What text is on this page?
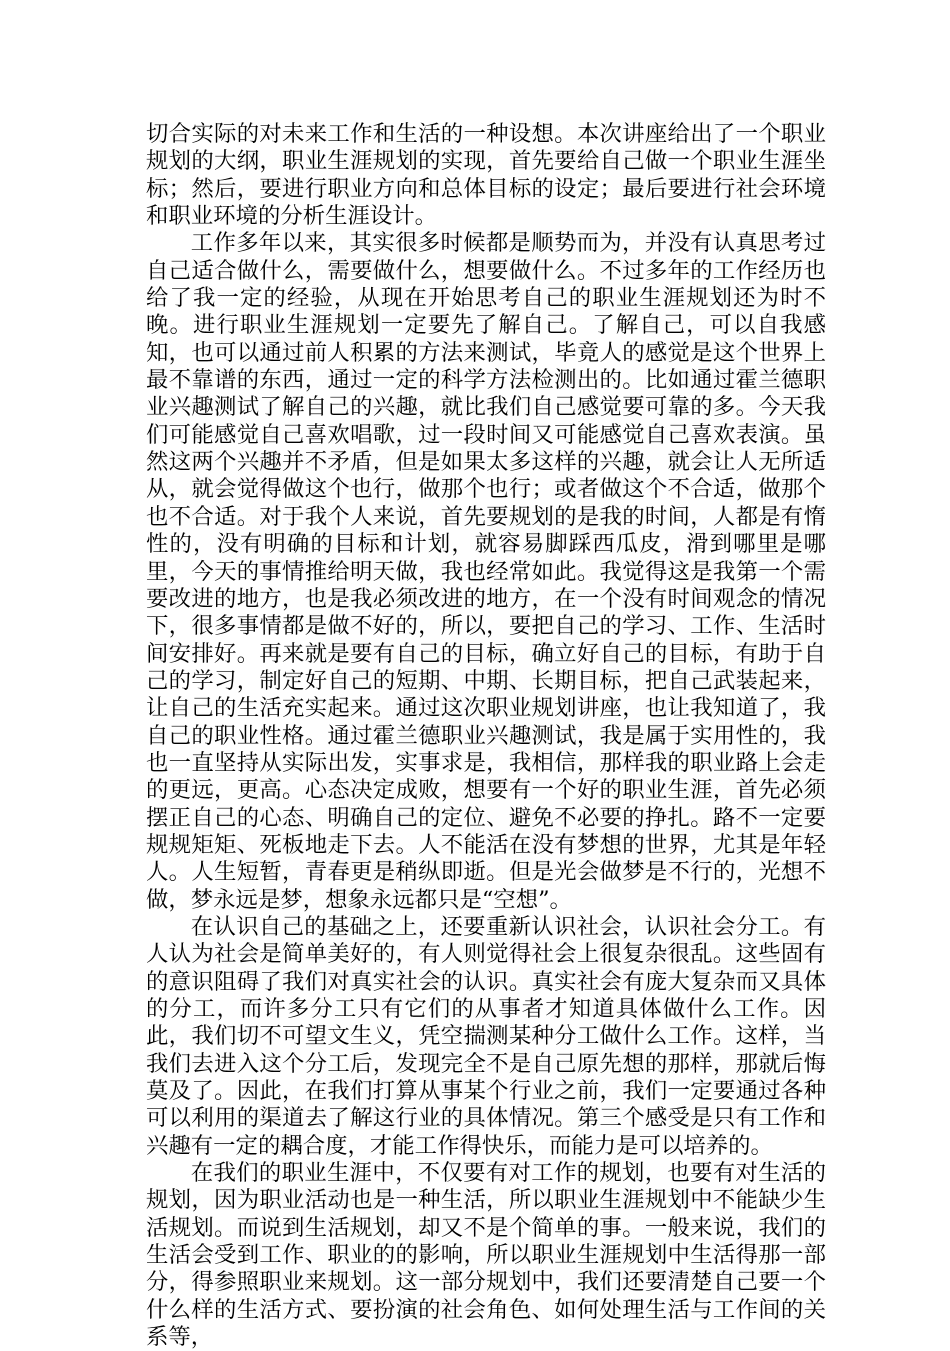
切合实际的对未来工作和生活的一种设想。本次讲座给出了一个职业规划的大纲，职业生涯规划的实现，首先要给自己做一个职业生涯坐标；然后，要进行职业方向和总体目标的设定；最后要进行社会环境和职业环境的分析生涯设计。

工作多年以来，其实很多时候都是顺势而为，并没有认真思考过自己适合做什么，需要做什么，想要做什么。不过多年的工作经历也给了我一定的经验，从现在开始思考自己的职业生涯规划还为时不晚。进行职业生涯规划一定要先了解自己。了解自己，可以自我感知，也可以通过前人积累的方法来测试，毕竟人的感觉是这个世界上最不靠谱的东西，通过一定的科学方法检测出的。比如通过霍兰德职业兴趣测试了解自己的兴趣，就比我们自己感觉要可靠的多。今天我们可能感觉自己喜欢唱歌，过一段时间又可能感觉自己喜欢表演。虽然这两个兴趣并不矛盾，但是如果太多这样的兴趣，就会让人无所适从，就会觉得做这个也行，做那个也行；或者做这个不合适，做那个也不合适。对于我个人来说，首先要规划的是我的时间，人都是有惰性的，没有明确的目标和计划，就容易脚踩西瓜皮，滑到哪里是哪里，今天的事情推给明天做，我也经常如此。我觉得这是我第一个需要改进的地方，也是我必须改进的地方，在一个没有时间观念的情况下，很多事情都是做不好的，所以，要把自己的学习、工作、生活时间安排好。再来就是要有自己的目标，确立好自己的目标，有助于自己的学习，制定好自己的短期、中期、长期目标，把自己武装起来，让自己的生活充实起来。通过这次职业规划讲座，也让我知道了，我自己的职业性格。通过霍兰德职业兴趣测试，我是属于实用性的，我也一直坚持从实际出发，实事求是，我相信，那样我的职业路上会走的更远，更高。心态决定成败，想要有一个好的职业生涯，首先必须摆正自己的心态、明确自己的定位、避免不必要的挣扎。路不一定要规规矩矩、死板地走下去。人不能活在没有梦想的世界，尤其是年轻人。人生短暂，青春更是稍纵即逝。但是光会做梦是不行的，光想不做，梦永远是梦，想象永远都只是“空想”。

在认识自己的基础之上，还要重新认识社会，认识社会分工。有人认为社会是简单美好的，有人则觉得社会上很复杂很乱。这些固有的意识阻碍了我们对真实社会的认识。真实社会有庞大复杂而又具体的分工，而许多分工只有它们的从事者才知道具体做什么工作。因此，我们切不可望文生义，凭空揣测某种分工做什么工作。这样，当我们去进入这个分工后，发现完全不是自己原先想的那样，那就后悔莫及了。因此，在我们打算从事某个行业之前，我们一定要通过各种可以利用的渠道去了解这行业的具体情况。第三个感受是只有工作和兴趣有一定的耦合度，才能工作得快乐，而能力是可以培养的。

在我们的职业生涯中，不仅要有对工作的规划，也要有对生活的规划，因为职业活动也是一种生活，所以职业生涯规划中不能缺少生活规划。而说到生活规划，却又不是个简单的事。一般来说，我们的生活会受到工作、职业的的影响，所以职业生涯规划中生活得那一部分，得参照职业来规划。这一部分规划中，我们还要清楚自己要一个什么样的生活方式、要扮演的社会角色、如何处理生活与工作间的关系等，
